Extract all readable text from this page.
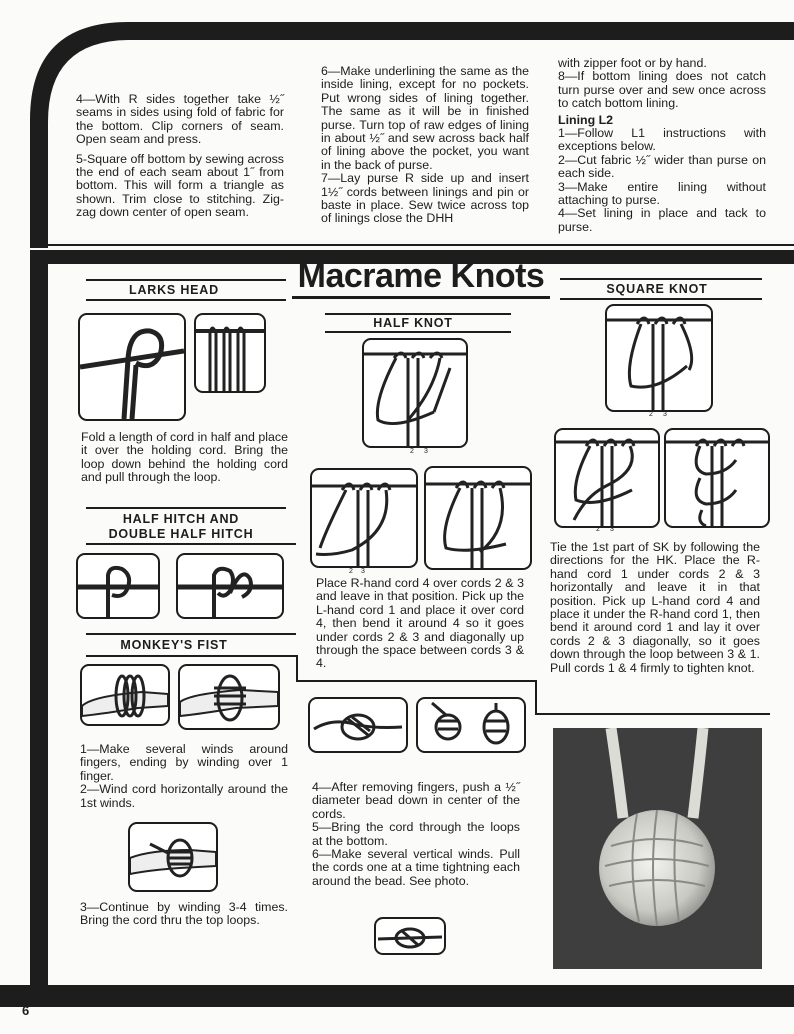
4—With R sides together take ½˝ seams in sides using fold of fabric for the bottom. Clip corners of seam. Open seam and press.

5-Square off bottom by sewing across the end of each seam about 1˝ from bottom. This will form a triangle as shown. Trim close to stitching. Zig-zag down center of open seam.

6—Make underlining the same as the inside lining, except for no pockets. Put wrong sides of lining together. The same as it will be in finished purse. Turn top of raw edges of lining in about ½˝ and sew across back half of lining above the pocket, you want in the back of purse.

7—Lay purse R side up and insert 1½˝ cords between linings and pin or baste in place. Sew twice across top of linings close the DHH

with zipper foot or by hand.

8—If bottom lining does not catch turn purse over and sew once across to catch bottom lining.

Lining L2

1—Follow L1 instructions with exceptions below.

2—Cut fabric ½˝ wider than purse on each side.

3—Make entire lining without attaching to purse.

4—Set lining in place and tack to purse.

Macrame Knots
LARKS HEAD
Fold a length of cord in half and place it over the holding cord. Bring the loop down behind the holding cord and pull through the loop.
HALF HITCH AND
DOUBLE HALF HITCH
MONKEY'S FIST

1—Make several winds around fingers, ending by winding over 1 finger.

2—Wind cord horizontally around the 1st winds.

3—Continue by winding 3-4 times. Bring the cord thru the top loops.

4—After removing fingers, push a ½˝ diameter bead down in center of the cords.

5—Bring the cord through the loops at the bottom.

6—Make several vertical winds. Pull the cords one at a time tightning each around the bead. See photo.

HALF KNOT
2 3
2 3
Place R-hand cord 4 over cords 2 & 3 and leave in that position. Pick up the L-hand cord 1 and place it over cord 4, then bend it around 4 so it goes under cords 2 & 3 and diagonally up through the space between cords 3 & 4.
SQUARE KNOT
2 3
2 3
Tie the 1st part of SK by following the directions for the HK. Place the R-hand cord 1 under cords 2 & 3 horizontally and leave it in that position. Pick up L-hand cord 4 and place it under the R-hand cord 1, then bend it around cord 1 and lay it over cords 2 & 3 diagonally, so it goes down through the loop between 3 & 1. Pull cords 1 & 4 firmly to tighten knot.
6
